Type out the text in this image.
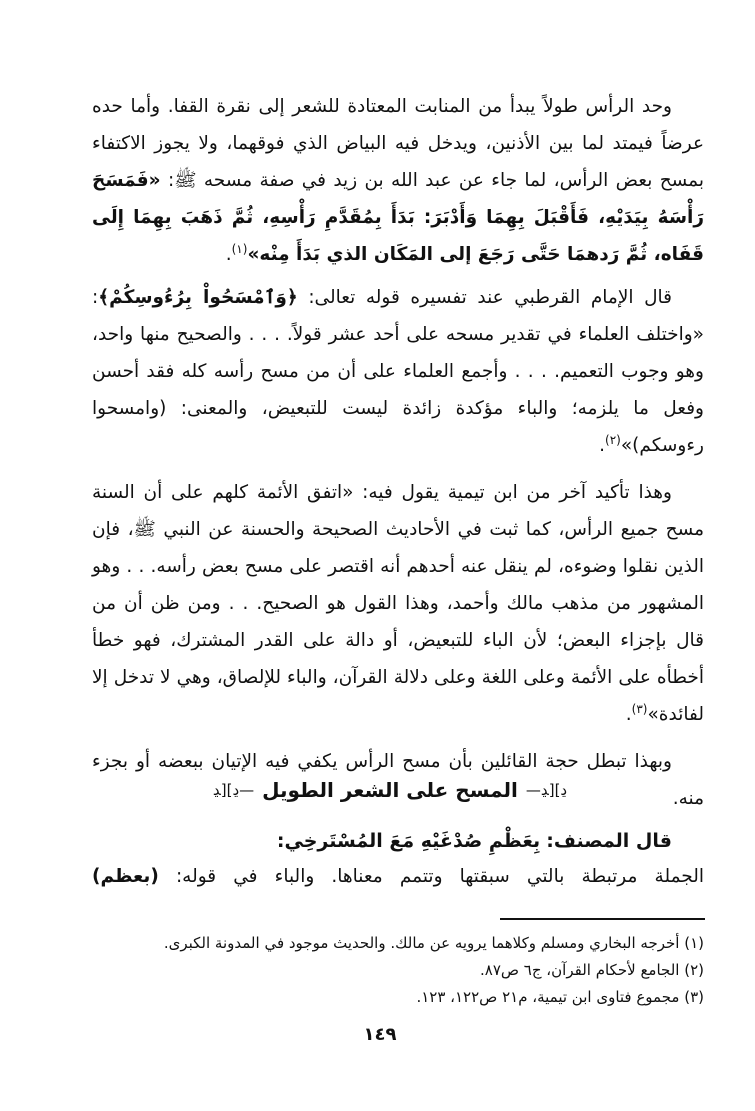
وحد الرأس طولاً يبدأ من المنابت المعتادة للشعر إلى نقرة القفا. وأما حده عرضاً فيمتد لما بين الأذنين، ويدخل فيه البياض الذي فوقهما، ولا يجوز الاكتفاء بمسح بعض الرأس، لما جاء عن عبد الله بن زيد في صفة مسحه ﷺ: «فَمَسَحَ رَأْسَهُ بِيَدَيْهِ، فَأَقْبَلَ بِهِمَا وَأَدْبَرَ: بَدَأَ بِمُقَدَّمِ رَأْسِهِ، ثُمَّ ذَهَبَ بِهِمَا إِلَى قَفَاه، ثُمَّ رَدهمَا حَتَّى رَجَعَ إلى المَكَان الذي بَدَأَ مِنْه»$^{(١)}$.

قال الإمام القرطبي عند تفسيره قوله تعالى: ﴿وَٱمْسَحُواْ بِرُءُوسِكُمْ﴾: «واختلف العلماء في تقدير مسحه على أحد عشر قولاً. . . . والصحيح منها واحد، وهو وجوب التعميم. . . . وأجمع العلماء على أن من مسح رأسه كله فقد أحسن وفعل ما يلزمه؛ والباء مؤكدة زائدة ليست للتبعيض، والمعنى: (وامسحوا رءوسكم)»$^{(٢)}$.

وهذا تأكيد آخر من ابن تيمية يقول فيه: «اتفق الأئمة كلهم على أن السنة مسح جميع الرأس، كما ثبت في الأحاديث الصحيحة والحسنة عن النبي ﷺ، فإن الذين نقلوا وضوءه، لم ينقل عنه أحدهم أنه اقتصر على مسح بعض رأسه. . . وهو المشهور من مذهب مالك وأحمد، وهذا القول هو الصحيح. . . ومن ظن أن من قال بإجزاء البعض؛ لأن الباء للتبعيض، أو دالة على القدر المشترك، فهو خطأ أخطأه على الأئمة وعلى اللغة وعلى دلالة القرآن، والباء للإلصاق، وهي لا تدخل إلا لفائدة»$^{(٣)}$.

وبهذا تبطل حجة القائلين بأن مسح الرأس يكفي فيه الإتيان ببعضه أو بجزء منه.

ﮂ][ﮃ—
المسح على الشعر الطويل
—ﮂ][ﮃ
قال المصنف: بِعَظْمِ صُدْغَيْهِ مَعَ المُسْتَرخِي:
الجملة مرتبطة بالتي سبقتها وتتمم معناها. والباء في قوله: (بعظم)
(١) أخرجه البخاري ومسلم وكلاهما يرويه عن مالك. والحديث موجود في المدونة الكبرى.
(٢) الجامع لأحكام القرآن، ج٦ ص٨٧.
(٣) مجموع فتاوى ابن تيمية، م٢١ ص١٢٢، ١٢٣.
١٤٩
